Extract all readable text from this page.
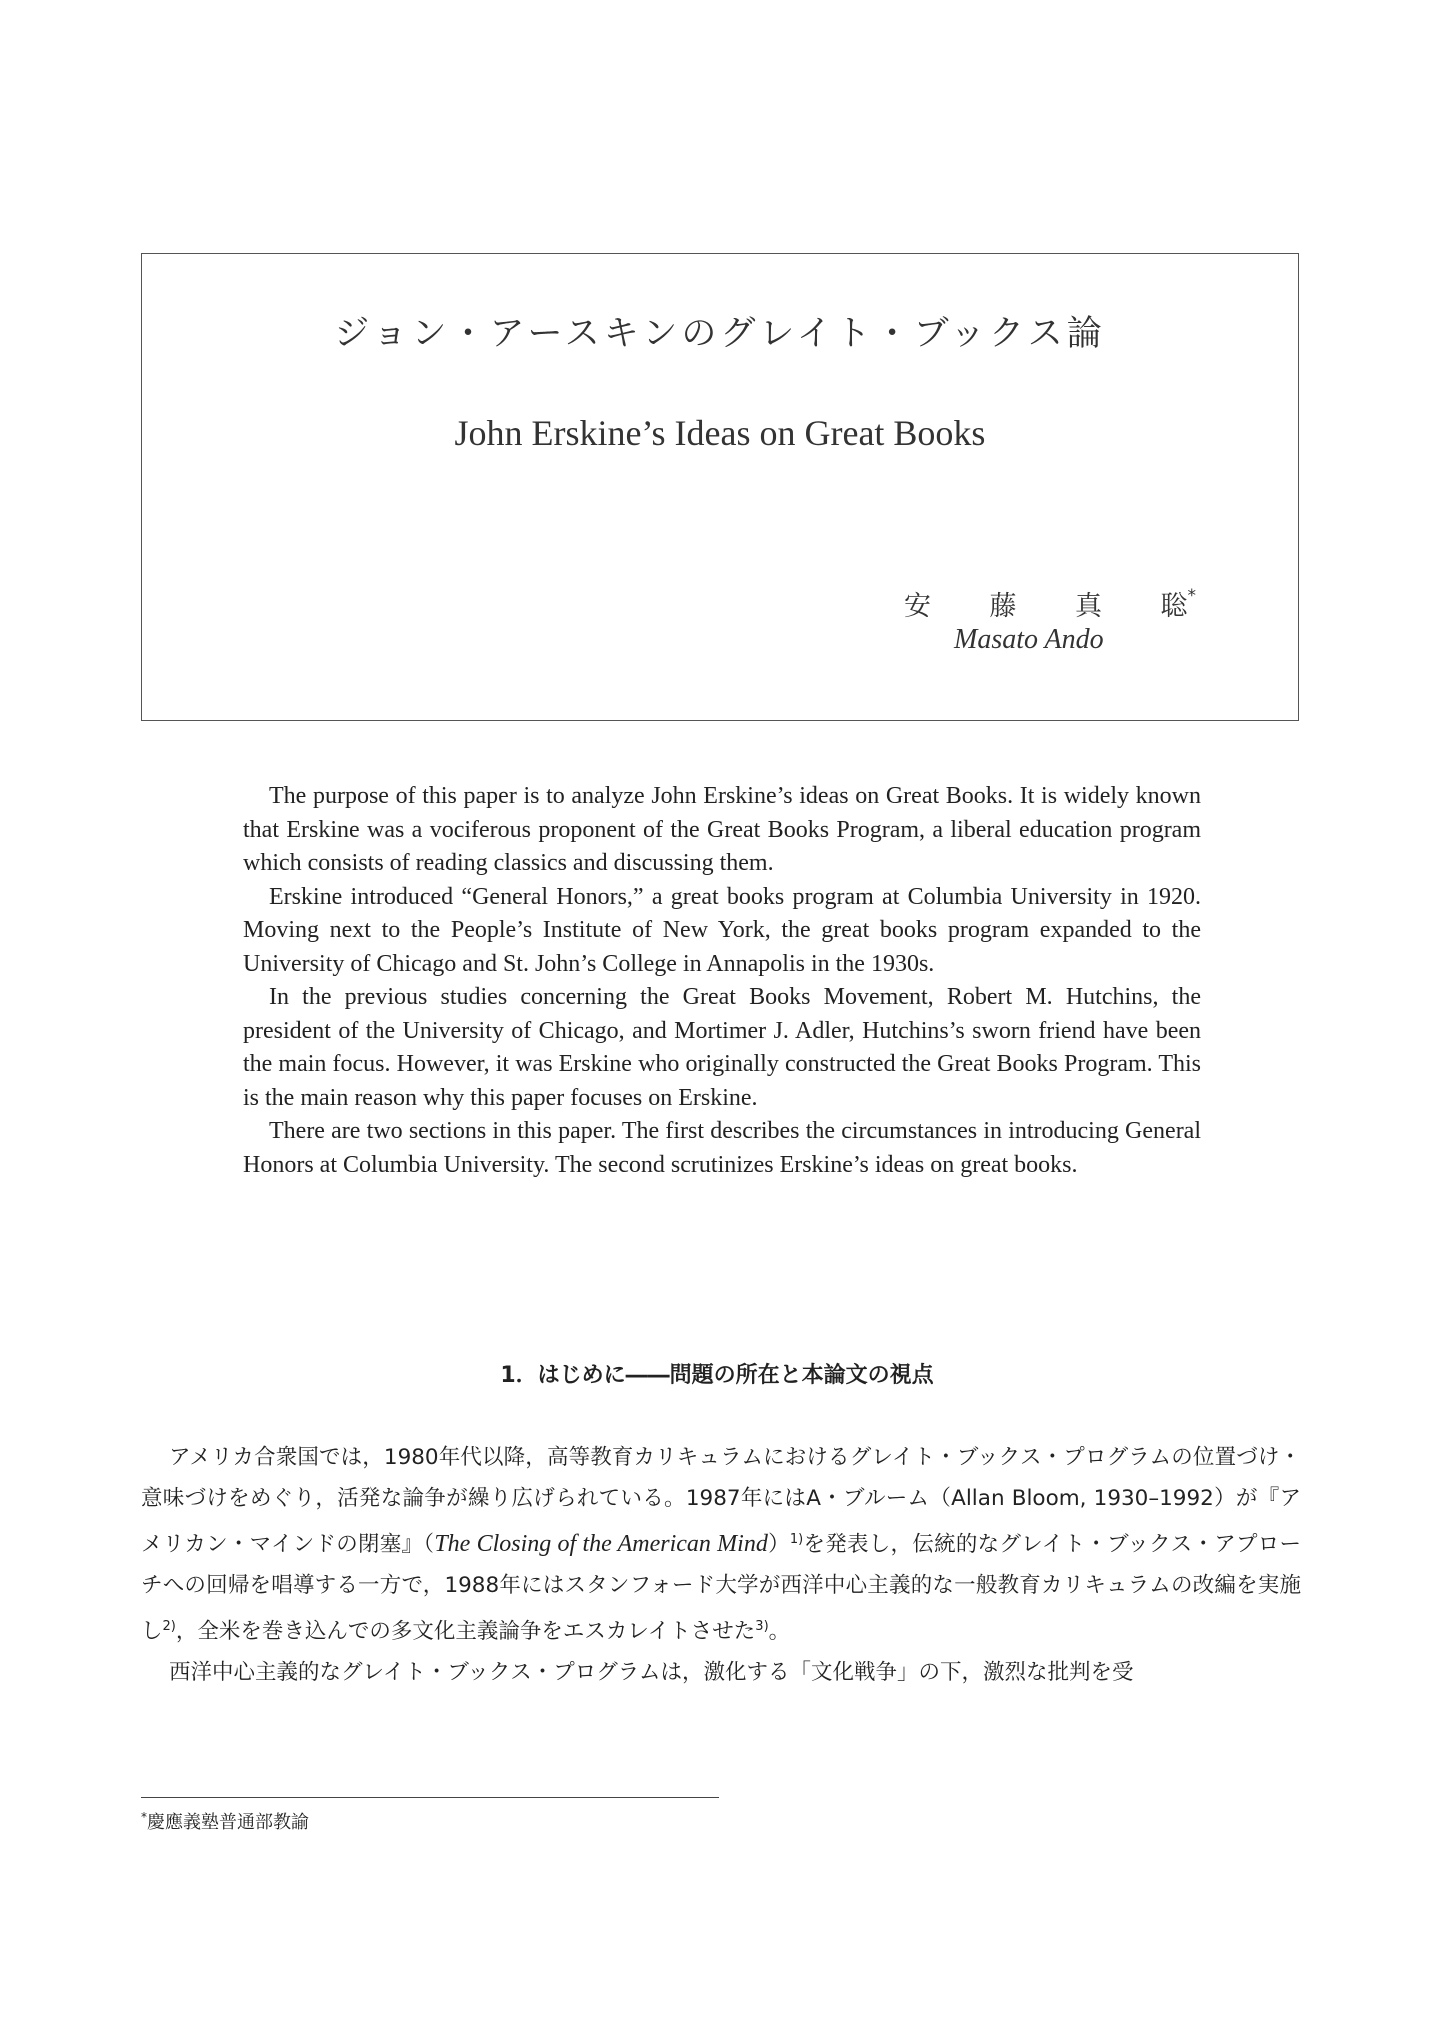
ジョン・アースキンのグレイト・ブックス論
John Erskine’s Ideas on Great Books
安 藤 真 聡*
Masato Ando

The purpose of this paper is to analyze John Erskine’s ideas on Great Books. It is widely known that Erskine was a vociferous proponent of the Great Books Program, a liberal education program which consists of reading classics and discussing them.

Erskine introduced “General Honors,” a great books program at Columbia University in 1920. Moving next to the People’s Institute of New York, the great books program expanded to the University of Chicago and St. John’s College in Annapolis in the 1930s.

In the previous studies concerning the Great Books Movement, Robert M. Hutchins, the president of the University of Chicago, and Mortimer J. Adler, Hutchins’s sworn friend have been the main focus. However, it was Erskine who originally constructed the Great Books Program. This is the main reason why this paper focuses on Erskine.

There are two sections in this paper. The first describes the circumstances in introducing General Honors at Columbia University. The second scrutinizes Erskine’s ideas on great books.

1．はじめに――問題の所在と本論文の視点

アメリカ合衆国では，1980年代以降，高等教育カリキュラムにおけるグレイト・ブックス・プログラムの位置づけ・意味づけをめぐり，活発な論争が繰り広げられている。1987年にはA・ブルーム（Allan Bloom, 1930–1992）が『アメリカン・マインドの閉塞』（The Closing of the American Mind）$^{1)}$を発表し，伝統的なグレイト・ブックス・アプローチへの回帰を唱導する一方で，1988年にはスタンフォード大学が西洋中心主義的な一般教育カリキュラムの改編を実施し$^{2)}$，全米を巻き込んでの多文化主義論争をエスカレイトさせた$^{3)}$。

西洋中心主義的なグレイト・ブックス・プログラムは，激化する「文化戦争」の下，激烈な批判を受

*慶應義塾普通部教諭
